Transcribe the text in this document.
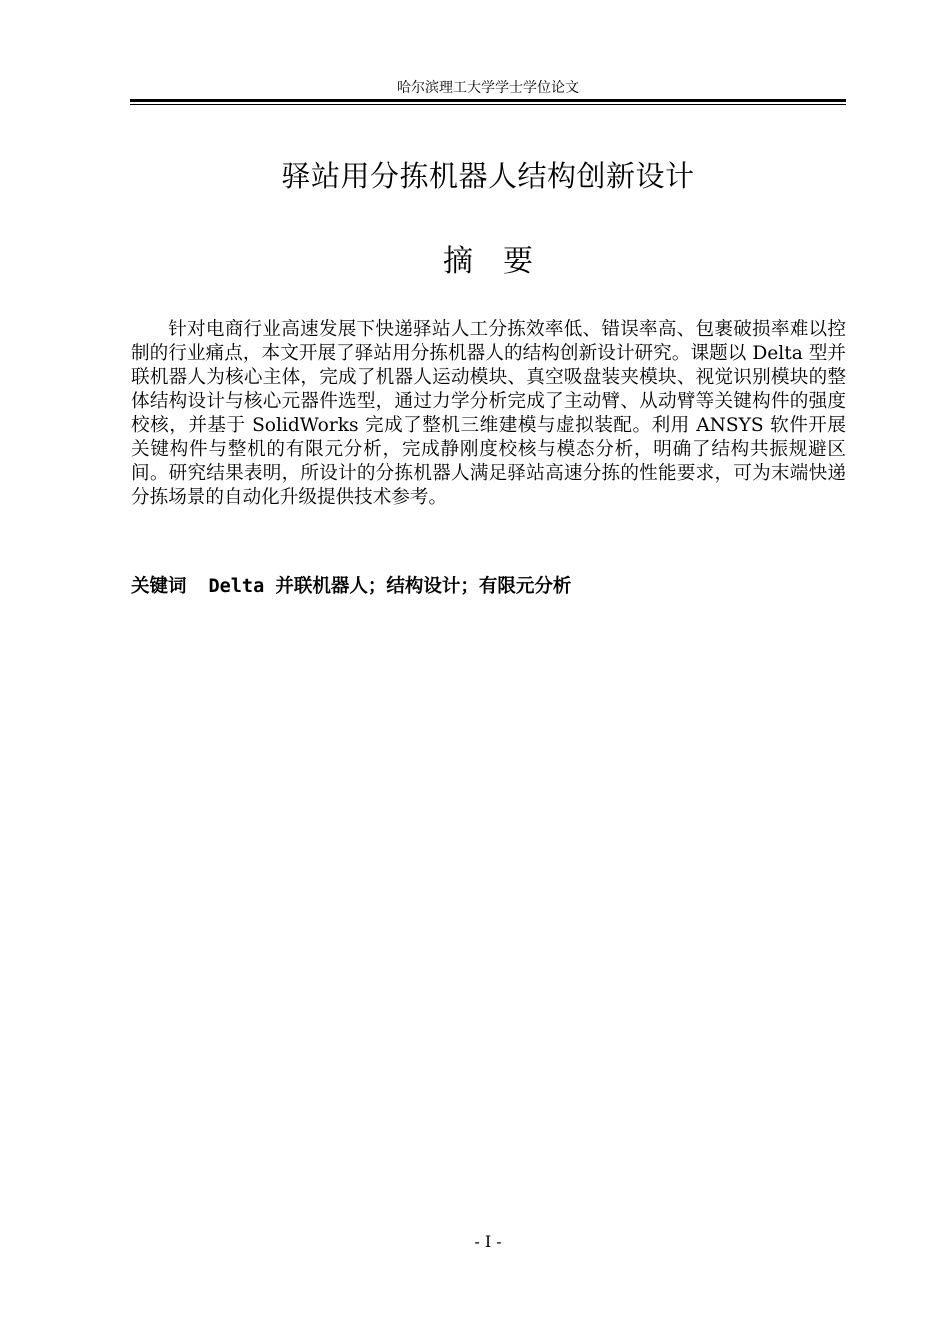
哈尔滨理工大学学士学位论文
驿站用分拣机器人结构创新设计
摘要

针对电商行业高速发展下快递驿站人工分拣效率低、错误率高、包裹破损率难以控制的行业痛点，本文开展了驿站用分拣机器人的结构创新设计研究。课题以 Delta 型并联机器人为核心主体，完成了机器人运动模块、真空吸盘装夹模块、视觉识别模块的整体结构设计与核心元器件选型，通过力学分析完成了主动臂、从动臂等关键构件的强度校核，并基于 SolidWorks 完成了整机三维建模与虚拟装配。利用 ANSYS 软件开展关键构件与整机的有限元分析，完成静刚度校核与模态分析，明确了结构共振规避区间。研究结果表明，所设计的分拣机器人满足驿站高速分拣的性能要求，可为末端快递分拣场景的自动化升级提供技术参考。

关键词 Delta 并联机器人；结构设计；有限元分析
- I -
